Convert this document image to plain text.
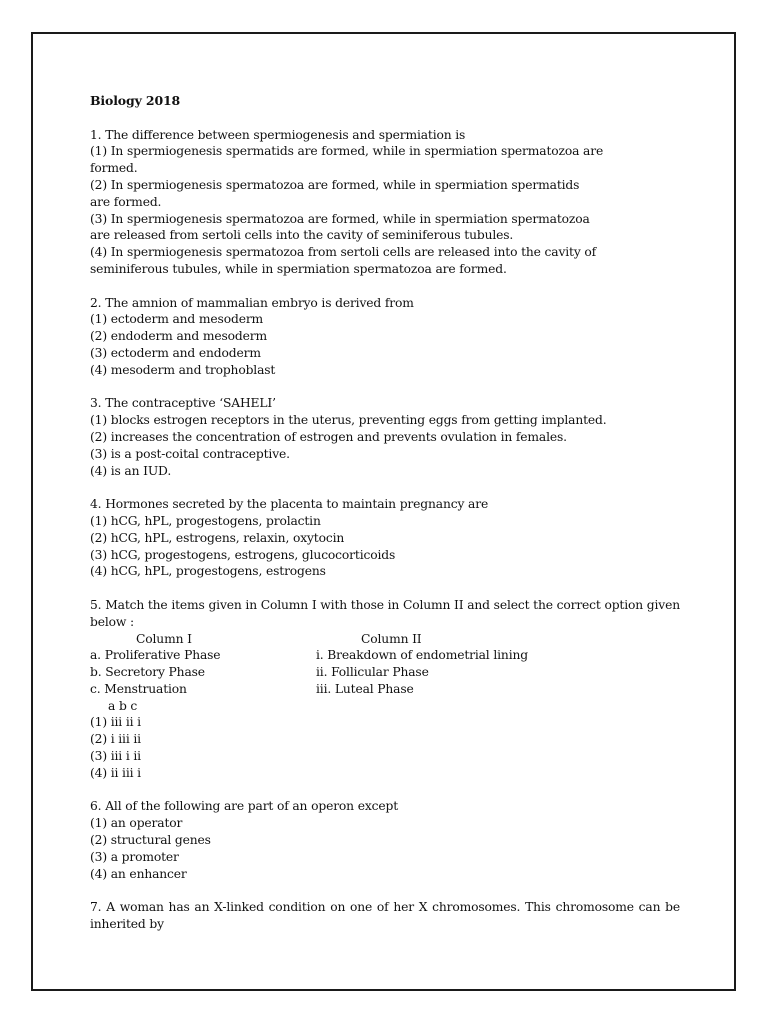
Biology 2018
1. The difference between spermiogenesis and spermiation is
(1) In spermiogenesis spermatids are formed, while in spermiation spermatozoa are
formed.
(2) In spermiogenesis spermatozoa are formed, while in spermiation spermatids
are formed.
(3) In spermiogenesis spermatozoa are formed, while in spermiation spermatozoa
are released from sertoli cells into the cavity of seminiferous tubules.
(4) In spermiogenesis spermatozoa from sertoli cells are released into the cavity of
seminiferous tubules, while in spermiation spermatozoa are formed.
2. The amnion of mammalian embryo is derived from
(1) ectoderm and mesoderm
(2) endoderm and mesoderm
(3) ectoderm and endoderm
(4) mesoderm and trophoblast
3. The contraceptive ‘SAHELI’
(1) blocks estrogen receptors in the uterus, preventing eggs from getting implanted.
(2) increases the concentration of estrogen and prevents ovulation in females.
(3) is a post-coital contraceptive.
(4) is an IUD.
4. Hormones secreted by the placenta to maintain pregnancy are
(1) hCG, hPL, progestogens, prolactin
(2) hCG, hPL, estrogens, relaxin, oxytocin
(3) hCG, progestogens, estrogens, glucocorticoids
(4) hCG, hPL, progestogens, estrogens
5. Match the items given in Column I with those in Column II and select the correct option given below :
Column I	Column II
a. Proliferative Phase	i. Breakdown of endometrial lining
b. Secretory Phase	ii. Follicular Phase
c. Menstruation	iii. Luteal Phase
a b c
(1) iii ii i
(2) i iii ii
(3) iii i ii
(4) ii iii i
6. All of the following are part of an operon except
(1) an operator
(2) structural genes
(3) a promoter
(4) an enhancer
7. A woman has an X-linked condition on one of her X chromosomes. This chromosome can be inherited by
